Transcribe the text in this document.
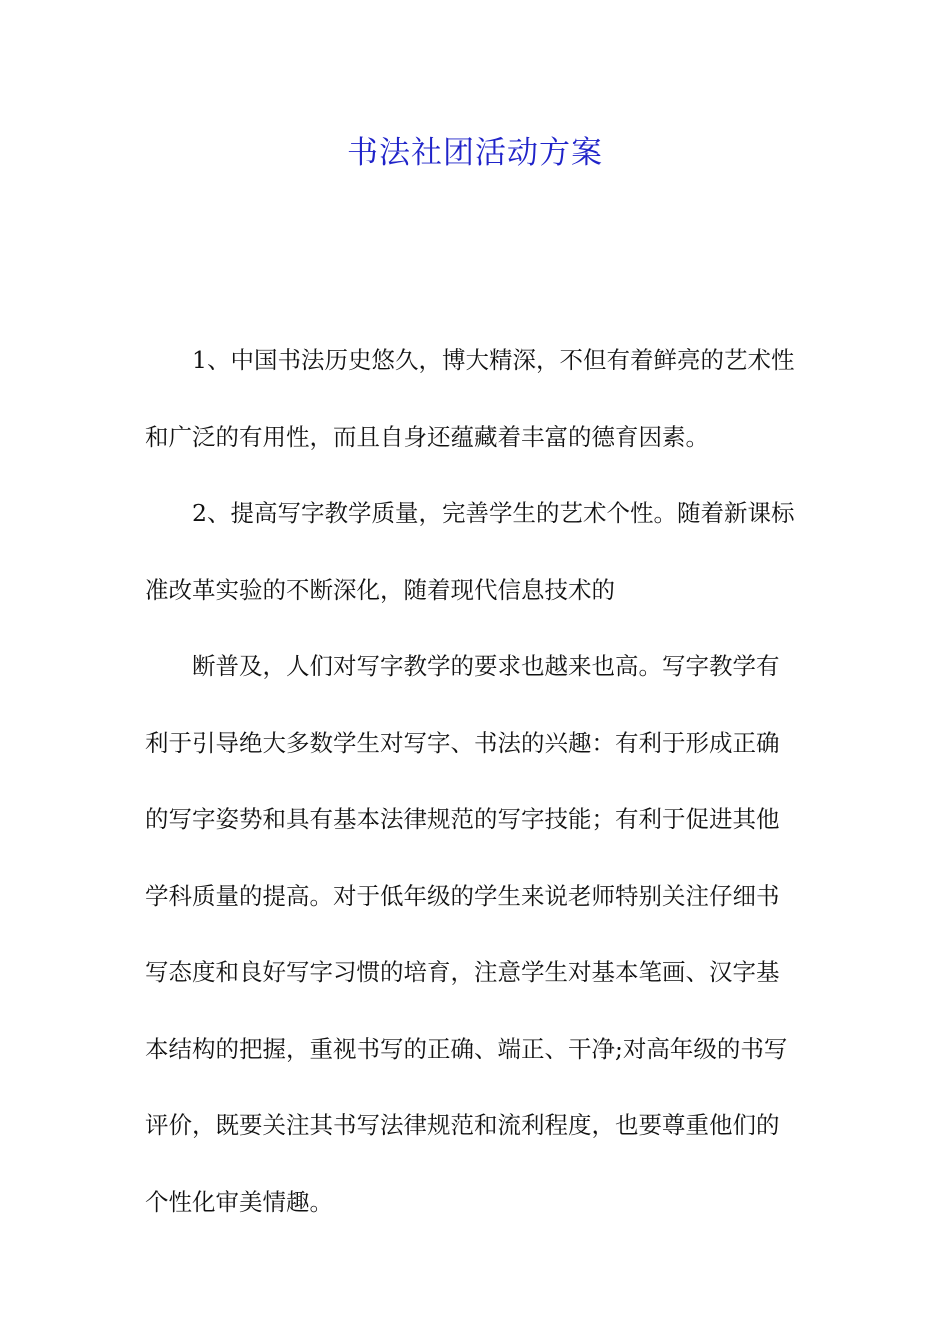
书法社团活动方案
1、中国书法历史悠久，博大精深，不但有着鲜亮的艺术性
和广泛的有用性，而且自身还蕴藏着丰富的德育因素。
2、提高写字教学质量，完善学生的艺术个性。随着新课标
准改革实验的不断深化，随着现代信息技术的
断普及，人们对写字教学的要求也越来也高。写字教学有
利于引导绝大多数学生对写字、书法的兴趣：有利于形成正确
的写字姿势和具有基本法律规范的写字技能；有利于促进其他
学科质量的提高。对于低年级的学生来说老师特别关注仔细书
写态度和良好写字习惯的培育，注意学生对基本笔画、汉字基
本结构的把握，重视书写的正确、端正、干净;对高年级的书写
评价，既要关注其书写法律规范和流利程度，也要尊重他们的
个性化审美情趣。
